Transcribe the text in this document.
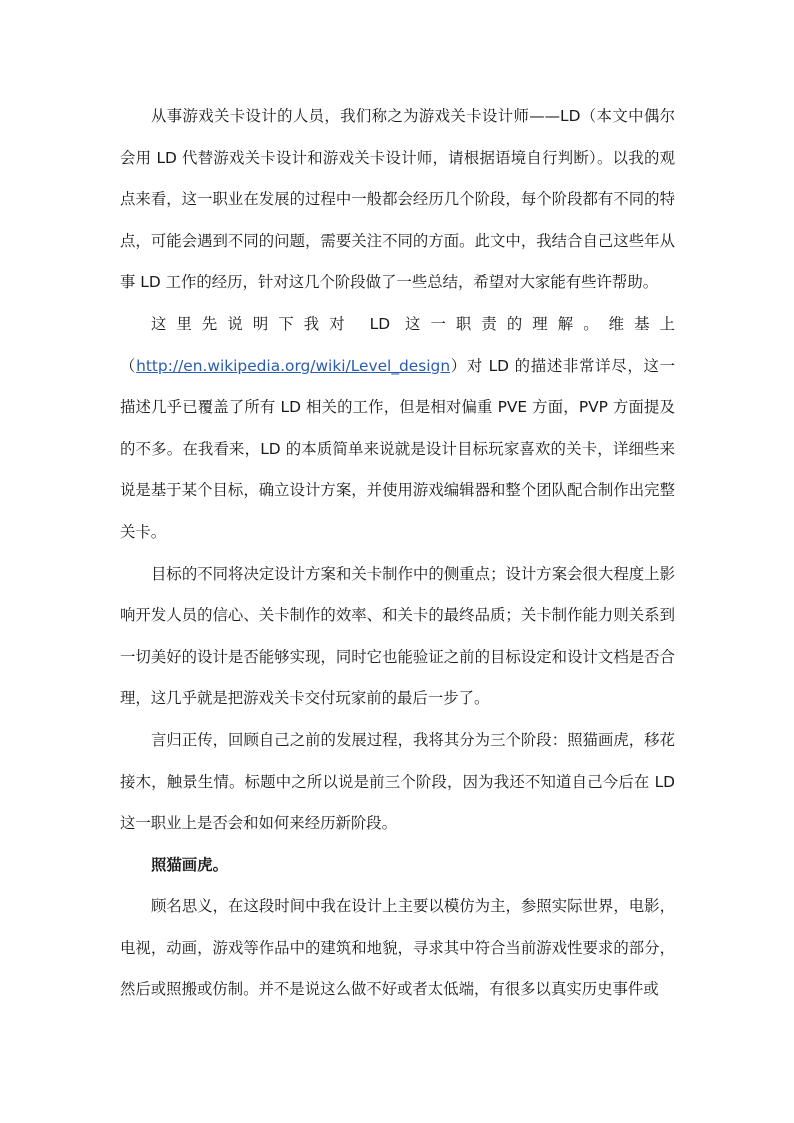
从事游戏关卡设计的人员，我们称之为游戏关卡设计师——LD（本文中偶尔会用 LD 代替游戏关卡设计和游戏关卡设计师，请根据语境自行判断）。以我的观点来看，这一职业在发展的过程中一般都会经历几个阶段，每个阶段都有不同的特点，可能会遇到不同的问题，需要关注不同的方面。此文中，我结合自己这些年从事 LD 工作的经历，针对这几个阶段做了一些总结，希望对大家能有些许帮助。

这里先说明下我对 LD 这一职责的理解。维基上（http://en.wikipedia.org/wiki/Level_design）对 LD 的描述非常详尽，这一描述几乎已覆盖了所有 LD 相关的工作，但是相对偏重 PVE 方面，PVP 方面提及的不多。在我看来，LD 的本质简单来说就是设计目标玩家喜欢的关卡，详细些来说是基于某个目标，确立设计方案，并使用游戏编辑器和整个团队配合制作出完整关卡。

目标的不同将决定设计方案和关卡制作中的侧重点；设计方案会很大程度上影响开发人员的信心、关卡制作的效率、和关卡的最终品质；关卡制作能力则关系到一切美好的设计是否能够实现，同时它也能验证之前的目标设定和设计文档是否合理，这几乎就是把游戏关卡交付玩家前的最后一步了。

言归正传，回顾自己之前的发展过程，我将其分为三个阶段：照猫画虎，移花接木，触景生情。标题中之所以说是前三个阶段，因为我还不知道自己今后在 LD 这一职业上是否会和如何来经历新阶段。

照猫画虎。

顾名思义，在这段时间中我在设计上主要以模仿为主，参照实际世界，电影，电视，动画，游戏等作品中的建筑和地貌，寻求其中符合当前游戏性要求的部分，然后或照搬或仿制。并不是说这么做不好或者太低端，有很多以真实历史事件或
